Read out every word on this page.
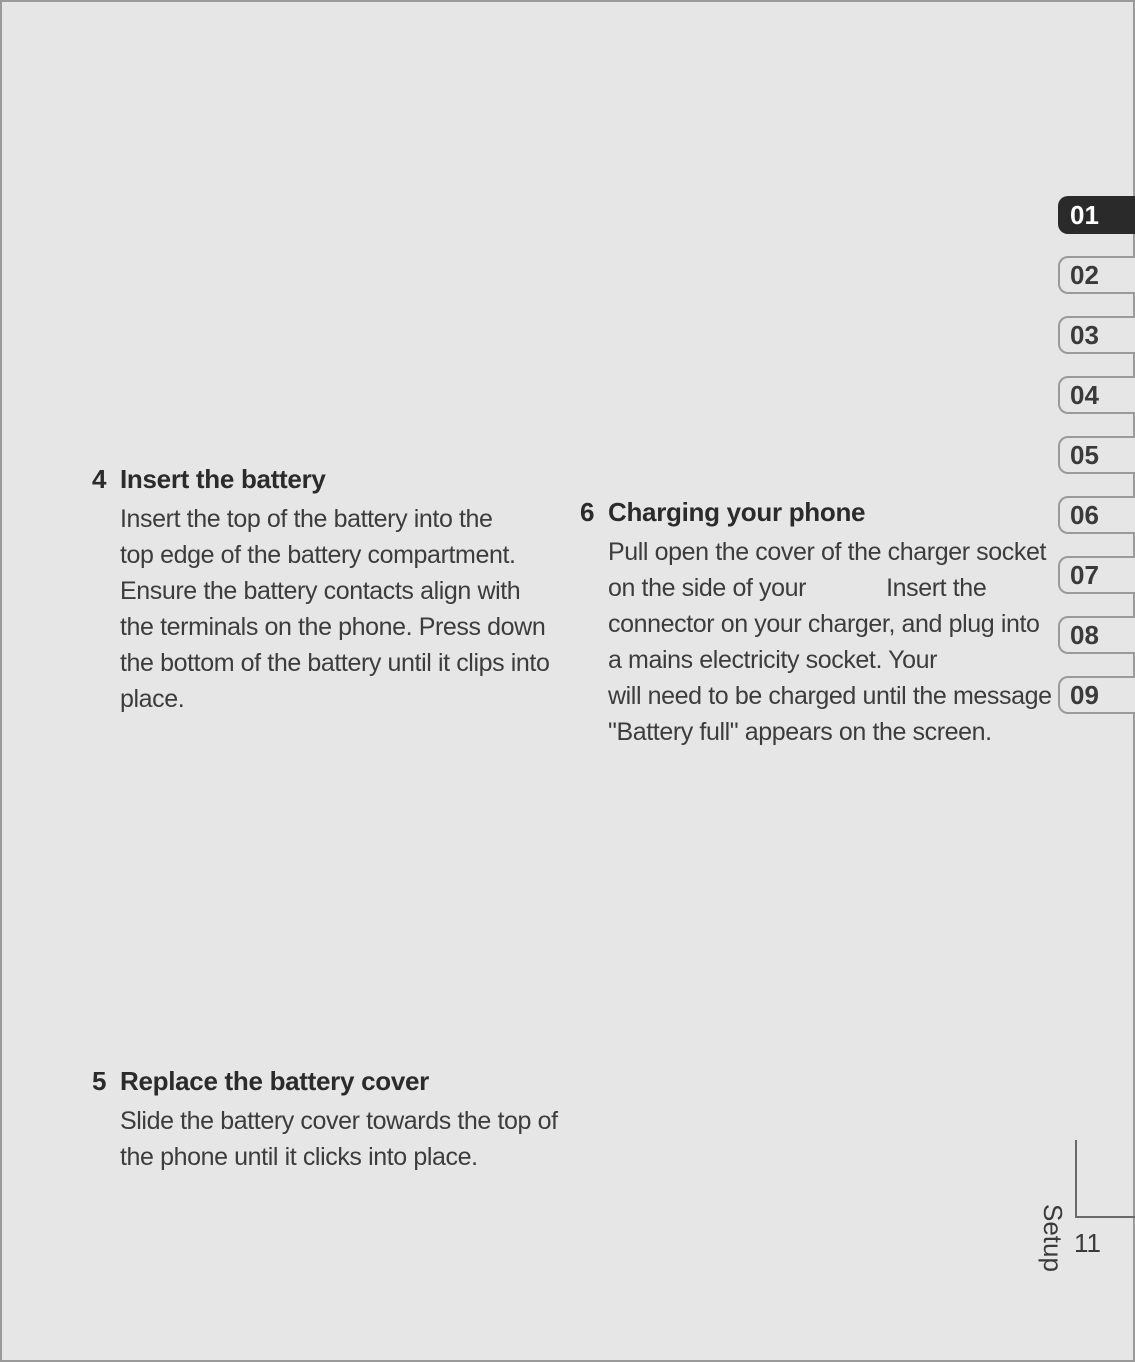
4 Insert the battery
Insert the top of the battery into the
top edge of the battery compartment.
Ensure the battery contacts align with
the terminals on the phone. Press down
the bottom of the battery until it clips into
place.
5 Replace the battery cover
Slide the battery cover towards the top of
the phone until it clicks into place.
6 Charging your phone
Pull open the cover of the charger socket
on the side of your	Insert the
connector on your charger, and plug into
a mains electricity socket. Your
will need to be charged until the message
"Battery full" appears on the screen.
01
02
03
04
05
06
07
08
09
Setup 11
